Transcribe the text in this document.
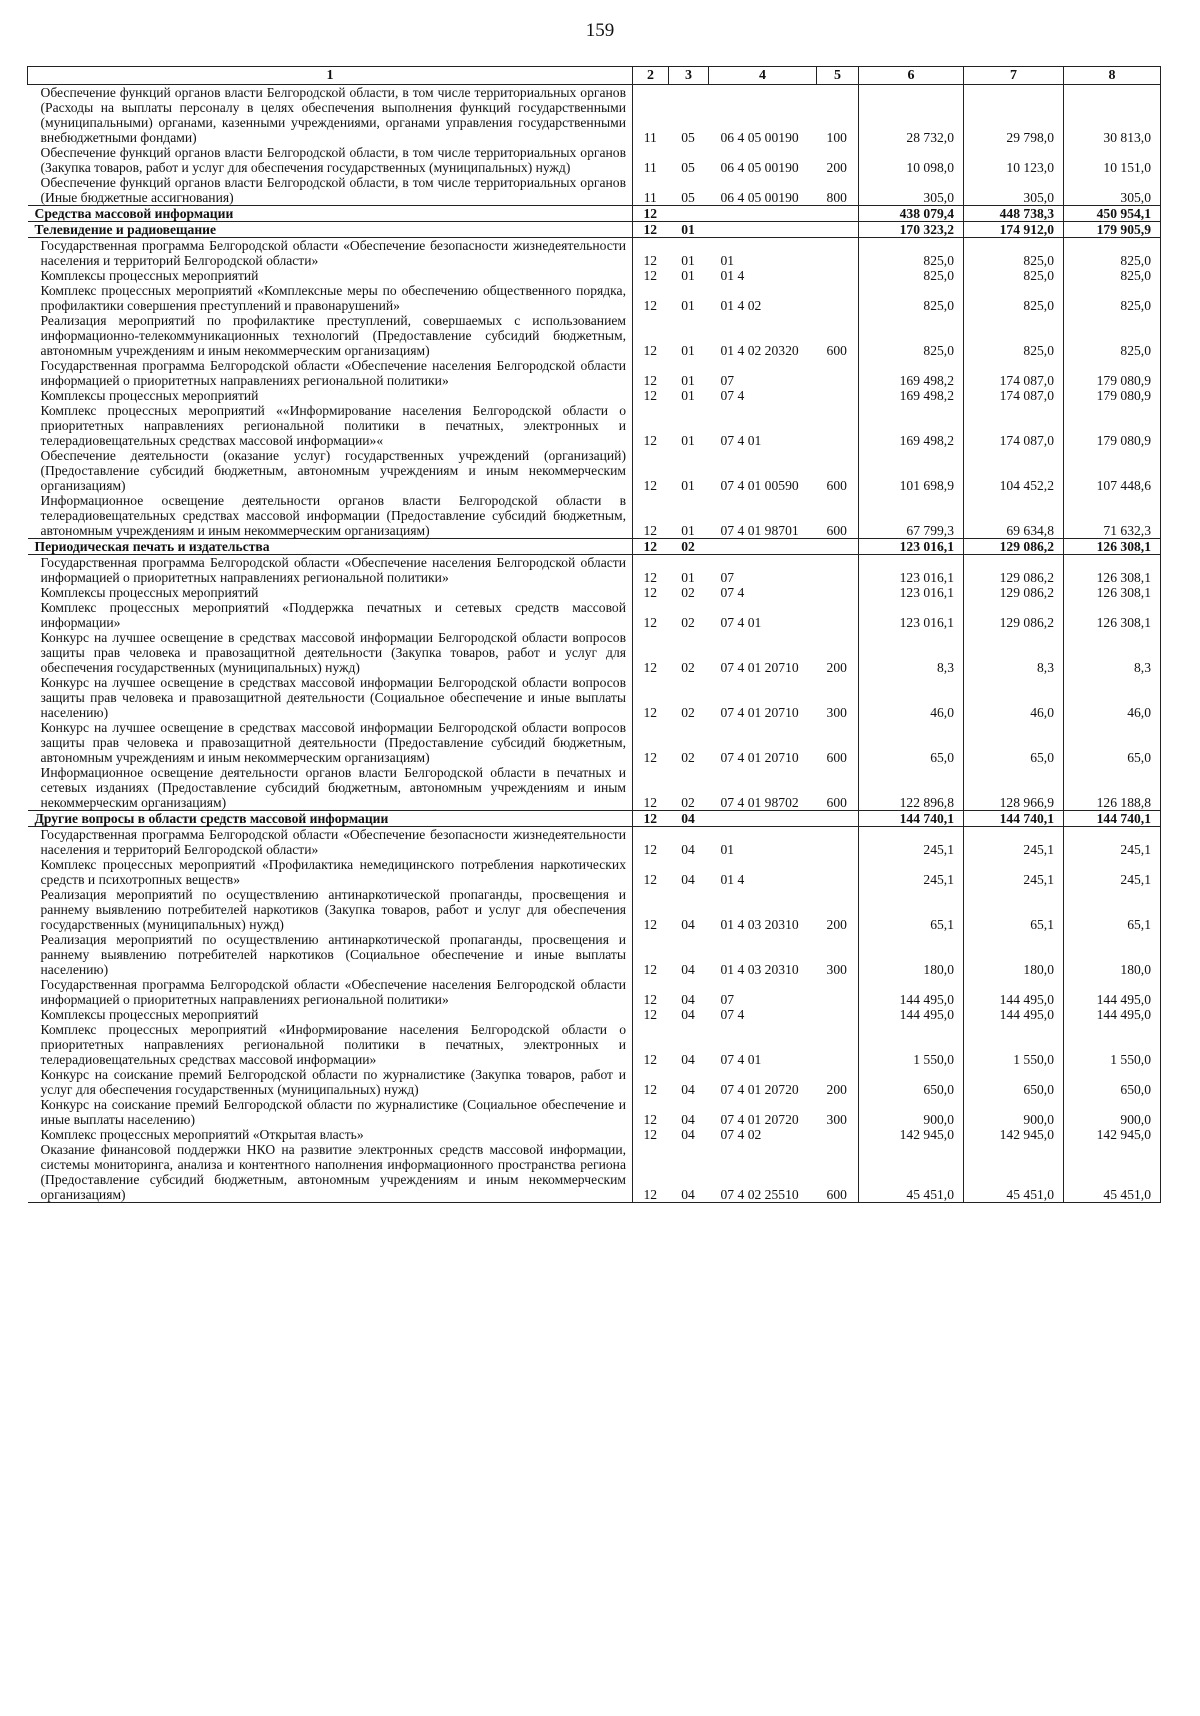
159
1	2	3	4	5	6	7	8
Обеспечение функций органов власти Белгородской области, в том числе территориальных органов (Расходы на выплаты персоналу в целях обеспечения выполнения функций государственными (муниципальными) органами, казенными учреждениями, органами управления государственными внебюджетными фондами)	11	05	06 4 05 00190	100	28 732,0	29 798,0	30 813,0
Обеспечение функций органов власти Белгородской области, в том числе территориальных органов (Закупка товаров, работ и услуг для обеспечения государственных (муниципальных) нужд)	11	05	06 4 05 00190	200	10 098,0	10 123,0	10 151,0
Обеспечение функций органов власти Белгородской области, в том числе территориальных органов (Иные бюджетные ассигнования)	11	05	06 4 05 00190	800	305,0	305,0	305,0
Средства массовой информации	12				438 079,4	448 738,3	450 954,1
Телевидение и радиовещание	12	01			170 323,2	174 912,0	179 905,9
Государственная программа Белгородской области «Обеспечение безопасности жизнедеятельности населения и территорий Белгородской области»	12	01	01		825,0	825,0	825,0
Комплексы процессных мероприятий	12	01	01 4		825,0	825,0	825,0
Комплекс процессных мероприятий «Комплексные меры по обеспечению общественного порядка, профилактики совершения преступлений и правонарушений»	12	01	01 4 02		825,0	825,0	825,0
Реализация мероприятий по профилактике преступлений, совершаемых с использованием информационно-телекоммуникационных технологий (Предоставление субсидий бюджетным, автономным учреждениям и иным некоммерческим организациям)	12	01	01 4 02 20320	600	825,0	825,0	825,0
Государственная программа Белгородской области «Обеспечение населения Белгородской области информацией о приоритетных направлениях региональной политики»	12	01	07		169 498,2	174 087,0	179 080,9
Комплексы процессных мероприятий	12	01	07 4		169 498,2	174 087,0	179 080,9
Комплекс процессных мероприятий ««Информирование населения Белгородской области о приоритетных направлениях региональной политики в печатных, электронных и телерадиовещательных средствах массовой информации»«	12	01	07 4 01		169 498,2	174 087,0	179 080,9
Обеспечение деятельности (оказание услуг) государственных учреждений (организаций) (Предоставление субсидий бюджетным, автономным учреждениям и иным некоммерческим организациям)	12	01	07 4 01 00590	600	101 698,9	104 452,2	107 448,6
Информационное освещение деятельности органов власти Белгородской области в телерадиовещательных средствах массовой информации (Предоставление субсидий бюджетным, автономным учреждениям и иным некоммерческим организациям)	12	01	07 4 01 98701	600	67 799,3	69 634,8	71 632,3
Периодическая печать и издательства	12	02			123 016,1	129 086,2	126 308,1
Государственная программа Белгородской области «Обеспечение населения Белгородской области информацией о приоритетных направлениях региональной политики»	12	01	07		123 016,1	129 086,2	126 308,1
Комплексы процессных мероприятий	12	02	07 4		123 016,1	129 086,2	126 308,1
Комплекс процессных мероприятий «Поддержка печатных и сетевых средств массовой информации»	12	02	07 4 01		123 016,1	129 086,2	126 308,1
Конкурс на лучшее освещение в средствах массовой информации Белгородской области вопросов защиты прав человека и правозащитной деятельности (Закупка товаров, работ и услуг для обеспечения государственных (муниципальных) нужд)	12	02	07 4 01 20710	200	8,3	8,3	8,3
Конкурс на лучшее освещение в средствах массовой информации Белгородской области вопросов защиты прав человека и правозащитной деятельности (Социальное обеспечение и иные выплаты населению)	12	02	07 4 01 20710	300	46,0	46,0	46,0
Конкурс на лучшее освещение в средствах массовой информации Белгородской области вопросов защиты прав человека и правозащитной деятельности (Предоставление субсидий бюджетным, автономным учреждениям и иным некоммерческим организациям)	12	02	07 4 01 20710	600	65,0	65,0	65,0
Информационное освещение деятельности органов власти Белгородской области в печатных и сетевых изданиях (Предоставление субсидий бюджетным, автономным учреждениям и иным некоммерческим организациям)	12	02	07 4 01 98702	600	122 896,8	128 966,9	126 188,8
Другие вопросы в области средств массовой информации	12	04			144 740,1	144 740,1	144 740,1
Государственная программа Белгородской области «Обеспечение безопасности жизнедеятельности населения и территорий Белгородской области»	12	04	01		245,1	245,1	245,1
Комплекс процессных мероприятий «Профилактика немедицинского потребления наркотических средств и психотропных веществ»	12	04	01 4		245,1	245,1	245,1
Реализация мероприятий по осуществлению антинаркотической пропаганды, просвещения и раннему выявлению потребителей наркотиков (Закупка товаров, работ и услуг для обеспечения государственных (муниципальных) нужд)	12	04	01 4 03 20310	200	65,1	65,1	65,1
Реализация мероприятий по осуществлению антинаркотической пропаганды, просвещения и раннему выявлению потребителей наркотиков (Социальное обеспечение и иные выплаты населению)	12	04	01 4 03 20310	300	180,0	180,0	180,0
Государственная программа Белгородской области «Обеспечение населения Белгородской области информацией о приоритетных направлениях региональной политики»	12	04	07		144 495,0	144 495,0	144 495,0
Комплексы процессных мероприятий	12	04	07 4		144 495,0	144 495,0	144 495,0
Комплекс процессных мероприятий «Информирование населения Белгородской области о приоритетных направлениях региональной политики в печатных, электронных и телерадиовещательных средствах массовой информации»	12	04	07 4 01		1 550,0	1 550,0	1 550,0
Конкурс на соискание премий Белгородской области по журналистике (Закупка товаров, работ и услуг для обеспечения государственных (муниципальных) нужд)	12	04	07 4 01 20720	200	650,0	650,0	650,0
Конкурс на соискание премий Белгородской области по журналистике (Социальное обеспечение и иные выплаты населению)	12	04	07 4 01 20720	300	900,0	900,0	900,0
Комплекс процессных мероприятий «Открытая власть»	12	04	07 4 02		142 945,0	142 945,0	142 945,0
Оказание финансовой поддержки НКО на развитие электронных средств массовой информации, системы мониторинга, анализа и контентного наполнения информационного пространства региона (Предоставление субсидий бюджетным, автономным учреждениям и иным некоммерческим организациям)	12	04	07 4 02 25510	600	45 451,0	45 451,0	45 451,0
